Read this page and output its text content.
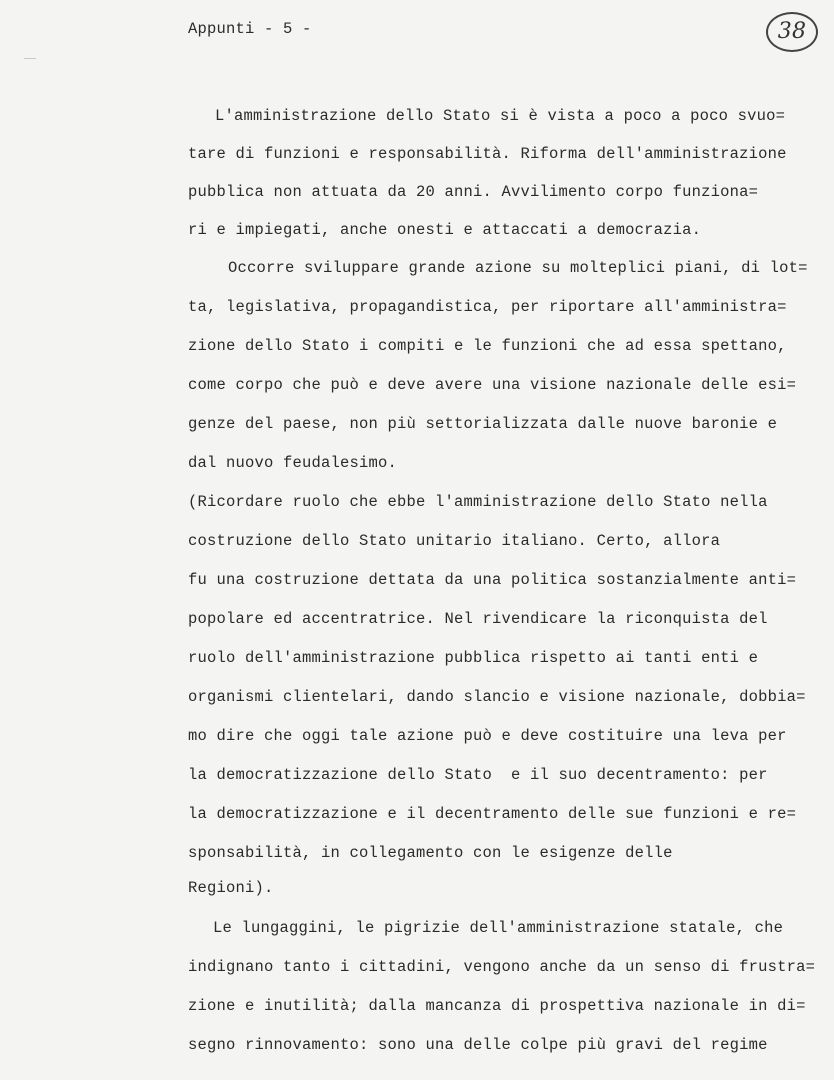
Appunti - 5 -	38
L'amministrazione dello Stato si è vista a poco a poco svuo=
tare di funzioni e responsabilità. Riforma dell'amministrazione
pubblica non attuata da 20 anni. Avvilimento corpo funziona=
ri e impiegati, anche onesti e attaccati a democrazia.
Occorre sviluppare grande azione su molteplici piani, di lot=
ta, legislativa, propagandistica, per riportare all'amministra=
zione dello Stato i compiti e le funzioni che ad essa spettano,
come corpo che può e deve avere una visione nazionale delle esi=
genze del paese, non più settorializzata dalle nuove baronie e
dal nuovo feudalesimo.
(Ricordare ruolo che ebbe l'amministrazione dello Stato nella
costruzione dello Stato unitario italiano. Certo, allora
fu una costruzione dettata da una politica sostanzialmente anti=
popolare ed accentratrice. Nel rivendicare la riconquista del
ruolo dell'amministrazione pubblica rispetto ai tanti enti e
organismi clientelari, dando slancio e visione nazionale, dobbia=
mo dire che oggi tale azione può e deve costituire una leva per
la democratizzazione dello Stato  e il suo decentramento: per
la democratizzazione e il decentramento delle sue funzioni e re=
sponsabilità, in collegamento con le esigenze delle
Regioni).
Le lungaggini, le pigrizie dell'amministrazione statale, che
indignano tanto i cittadini, vengono anche da un senso di frustra=
zione e inutilità; dalla mancanza di prospettiva nazionale in di=
segno rinnovamento: sono una delle colpe più gravi del regime
